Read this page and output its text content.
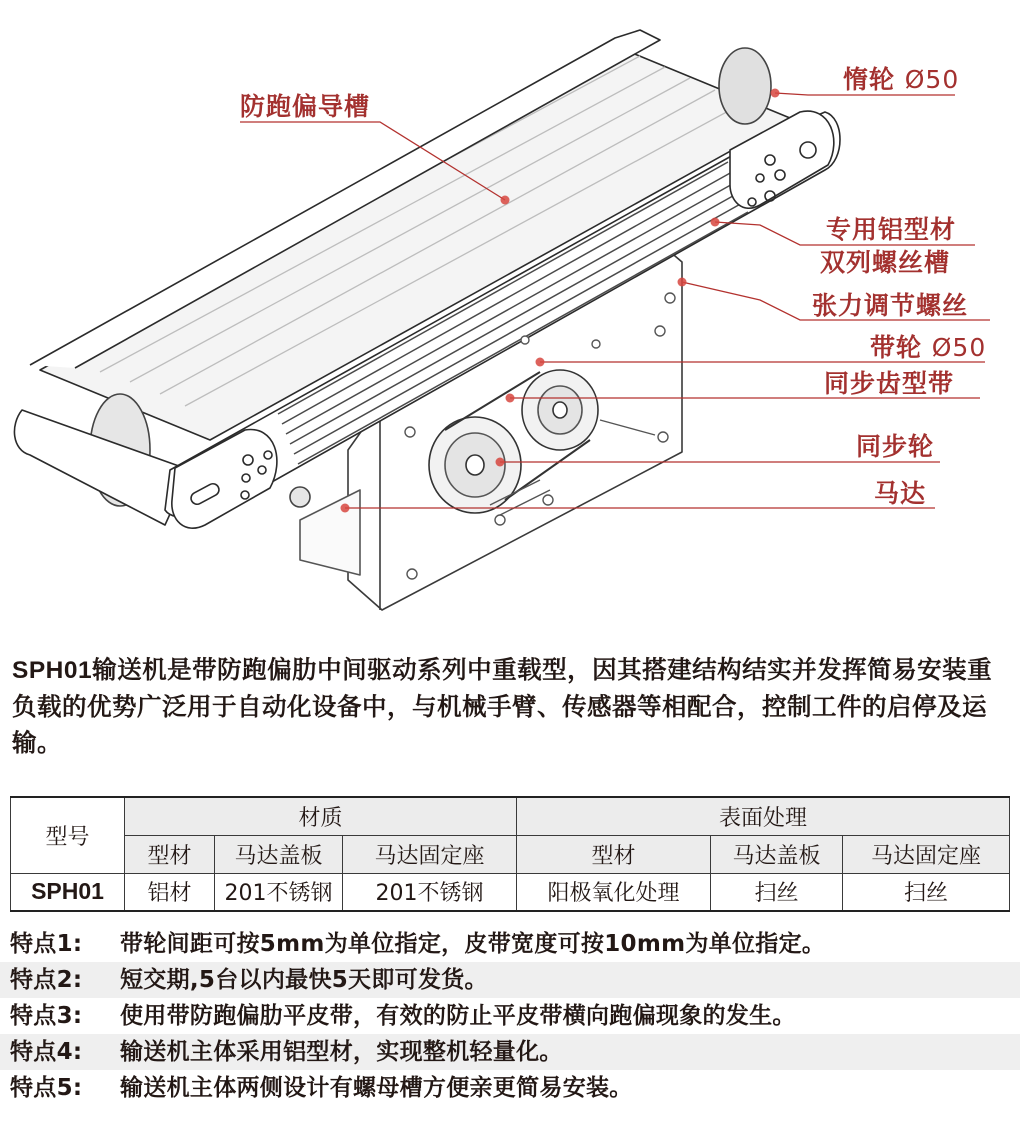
防跑偏导槽
惰轮 Ø50
专用铝型材
双列螺丝槽
张力调节螺丝
带轮 Ø50
同步齿型带
同步轮
马达
SPH01输送机是带防跑偏肋中间驱动系列中重载型，因其搭建结构结实并发挥简易安装重负载的优势广泛用于自动化设备中，与机械手臂、传感器等相配合，控制工件的启停及运输。
型号	材质			表面处理		
	型材	马达盖板	马达固定座	型材	马达盖板	马达固定座
SPH01	铝材	201不锈钢	201不锈钢	阳极氧化处理	扫丝	扫丝
特点1: 带轮间距可按5mm为单位指定，皮带宽度可按10mm为单位指定。
特点2: 短交期,5台以内最快5天即可发货。
特点3: 使用带防跑偏肋平皮带，有效的防止平皮带横向跑偏现象的发生。
特点4: 输送机主体采用铝型材，实现整机轻量化。
特点5: 输送机主体两侧设计有螺母槽方便亲更简易安装。
